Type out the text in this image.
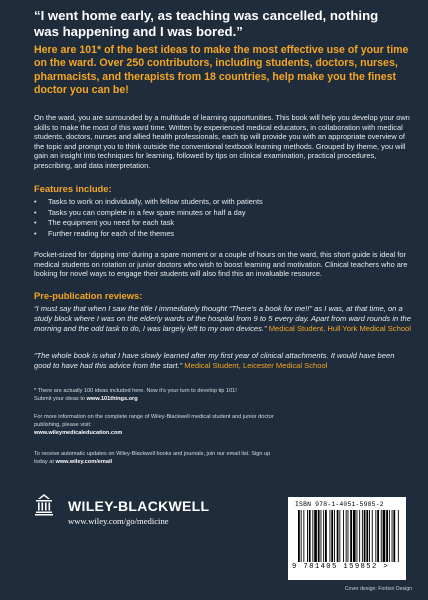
“I went home early, as teaching was cancelled, nothing was happening and I was bored.”
Here are 101* of the best ideas to make the most effective use of your time on the ward. Over 250 contributors, including students, doctors, nurses, pharmacists, and therapists from 18 countries, help make you the finest doctor you can be!
On the ward, you are surrounded by a multitude of learning opportunities. This book will help you develop your own skills to make the most of this ward time. Written by experienced medical educators, in collaboration with medical students, doctors, nurses and allied health professionals, each tip will provide you with an appropriate overview of the topic and prompt you to think outside the conventional textbook learning methods. Grouped by theme, you will gain an insight into techniques for learning, followed by tips on clinical examination, practical procedures, prescribing, and data interpretation.
Features include:
• Tasks to work on individually, with fellow students, or with patients
• Tasks you can complete in a few spare minutes or half a day
• The equipment you need for each task
• Further reading for each of the themes
Pocket-sized for ‘dipping into’ during a spare moment or a couple of hours on the ward, this short guide is ideal for medical students on rotation or junior doctors who wish to boost learning and motivation. Clinical teachers who are looking for novel ways to engage their students will also find this an invaluable resource.
Pre-publication reviews:
“I must say that when I saw the title I immediately thought “There’s a book for me!!” as I was, at that time, on a study block where I was on the elderly wards of the hospital from 9 to 5 every day. Apart from ward rounds in the morning and the odd task to do, I was largely left to my own devices.” Medical Student, Hull York Medical School
“The whole book is what I have slowly learned after my first year of clinical attachments. It would have been good to have had this advice from the start.” Medical Student, Leicester Medical School
* There are actually 100 ideas included here. Now it’s your turn to develop tip 101!
Submit your ideas to www.101things.org
For more information on the complete range of Wiley-Blackwell medical student and junior doctor publishing, please visit:
www.wileymedicaleducation.com
To receive automatic updates on Wiley-Blackwell books and journals, join our email list. Sign up today at www.wiley.com/email
WILEY-BLACKWELL
www.wiley.com/go/medicine
ISBN 978-1-4051-5985-2
9 781405 159852 >
Cover design: Fortiori Design
